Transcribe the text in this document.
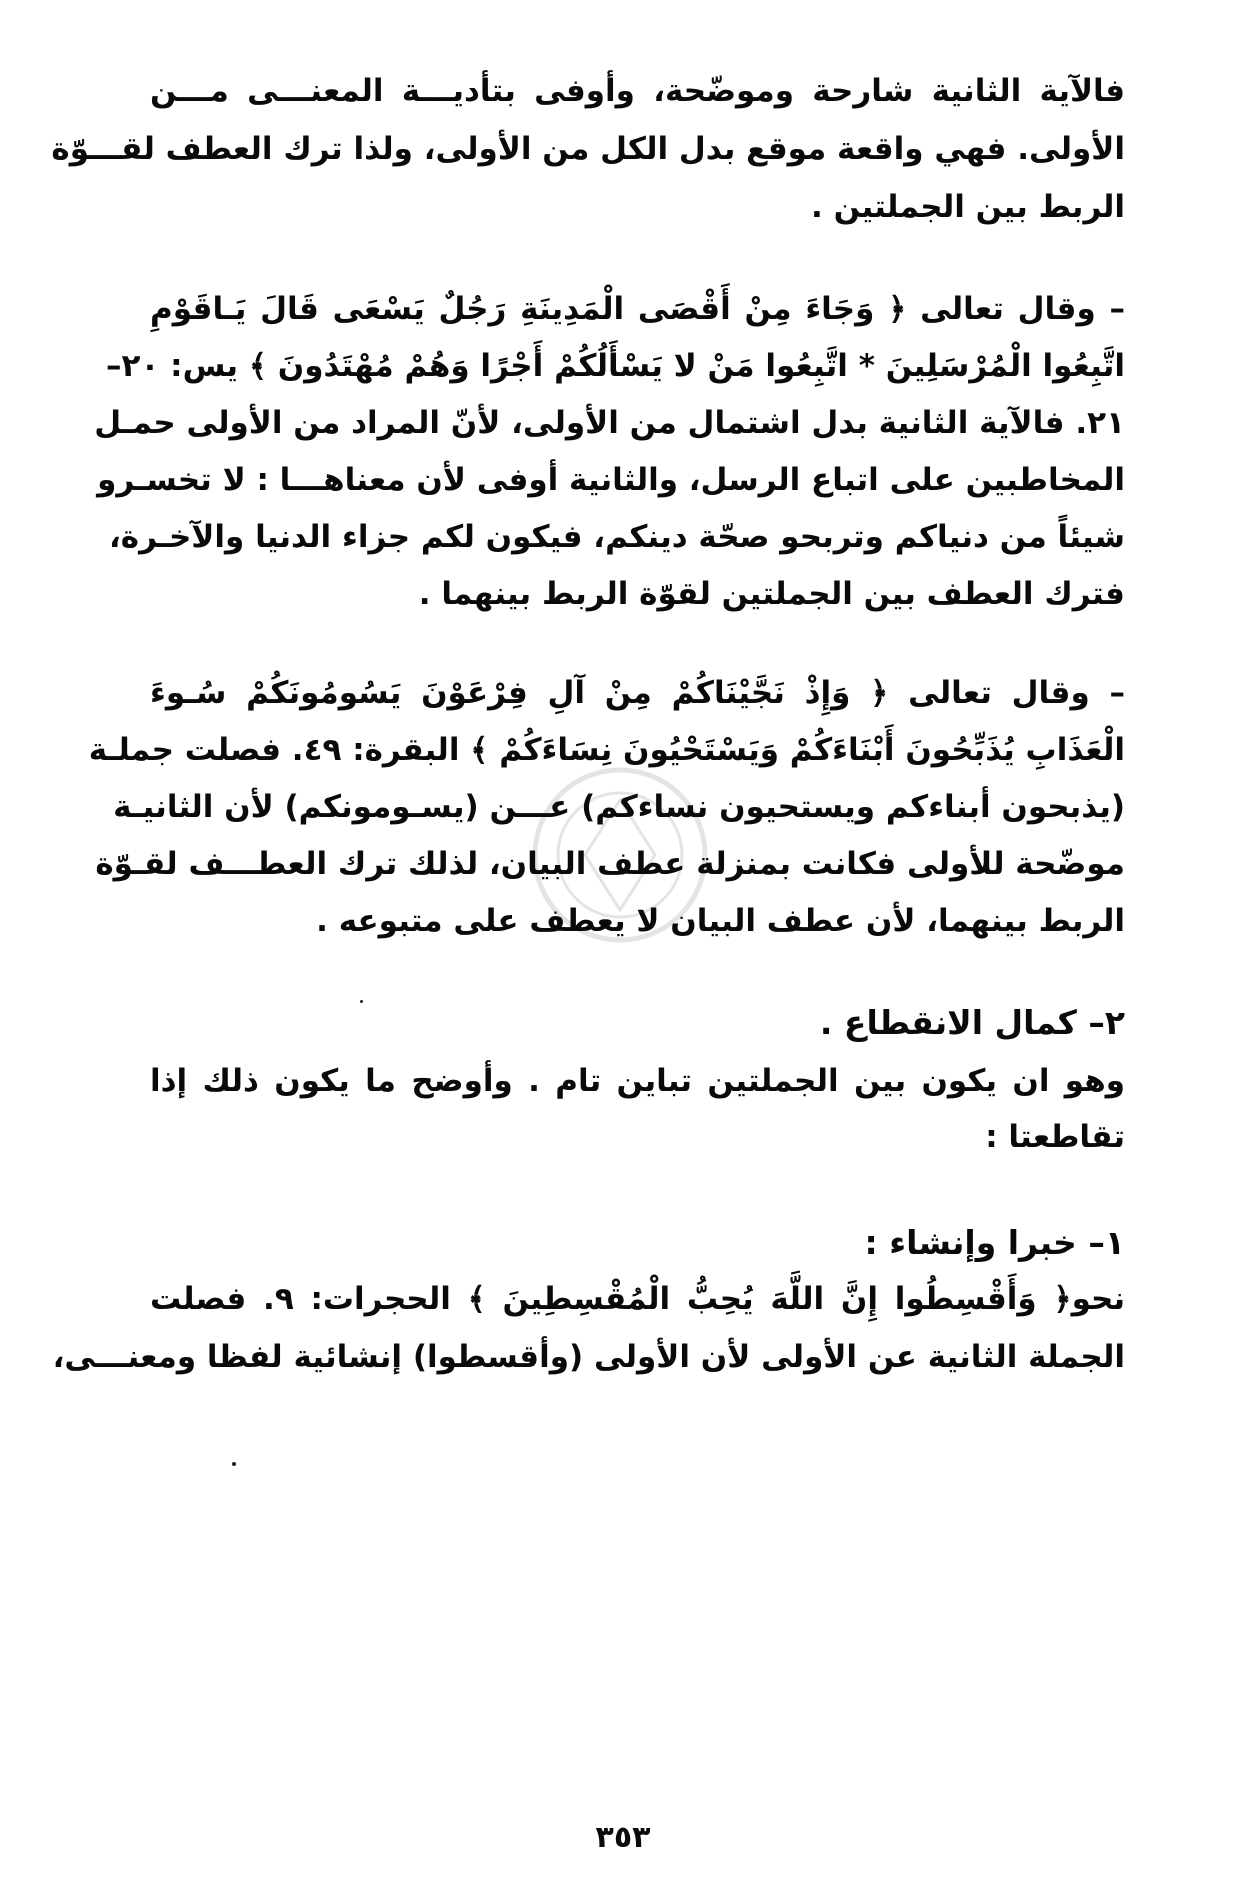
فالآية الثانية شارحة وموضّحة، وأوفى بتأديـــة المعنـــى مـــن
الأولى. فهي واقعة موقع بدل الكل من الأولى، ولذا ترك العطف لقـــوّة
الربط بين الجملتين .
– وقال تعالى ﴿ وَجَاءَ مِنْ أَقْصَى الْمَدِينَةِ رَجُلٌ يَسْعَى قَالَ يَـاقَوْمِ
اتَّبِعُوا الْمُرْسَلِينَ * اتَّبِعُوا مَنْ لا يَسْأَلُكُمْ أَجْرًا وَهُمْ مُهْتَدُونَ ﴾ يس: ٢٠–
٢١. فالآية الثانية بدل اشتمال من الأولى، لأنّ المراد من الأولى حمـل
المخاطبين على اتباع الرسل، والثانية أوفى لأن معناهـــا : لا تخسـرو
شيئاً من دنياكم وتربحو صحّة دينكم، فيكون لكم جزاء الدنيا والآخـرة،
فترك العطف بين الجملتين لقوّة الربط بينهما .
– وقال تعالى ﴿ وَإِذْ نَجَّيْنَاكُمْ مِنْ آلِ فِرْعَوْنَ يَسُومُونَكُمْ سُـوءَ
الْعَذَابِ يُذَبِّحُونَ أَبْنَاءَكُمْ وَيَسْتَحْيُونَ نِسَاءَكُمْ ﴾ البقرة: ٤٩. فصلت جملـة
(يذبحون أبناءكم ويستحيون نساءكم) عـــن (يسـومونكم) لأن الثانيـة
موضّحة للأولى فكانت بمنزلة عطف البيان، لذلك ترك العطـــف لقـوّة
الربط بينهما، لأن عطف البيان لا يعطف على متبوعه .
٢– كمال الانقطاع .
وهو ان يكون بين الجملتين تباين تام . وأوضح ما يكون ذلك إذا
تقاطعتا :
١– خبرا وإنشاء :
نحو﴿ وَأَقْسِطُوا إِنَّ اللَّهَ يُحِبُّ الْمُقْسِطِينَ ﴾ الحجرات: ٩. فصلت
الجملة الثانية عن الأولى لأن الأولى (وأقسطوا) إنشائية لفظا ومعنـــى،
٣٥٣
